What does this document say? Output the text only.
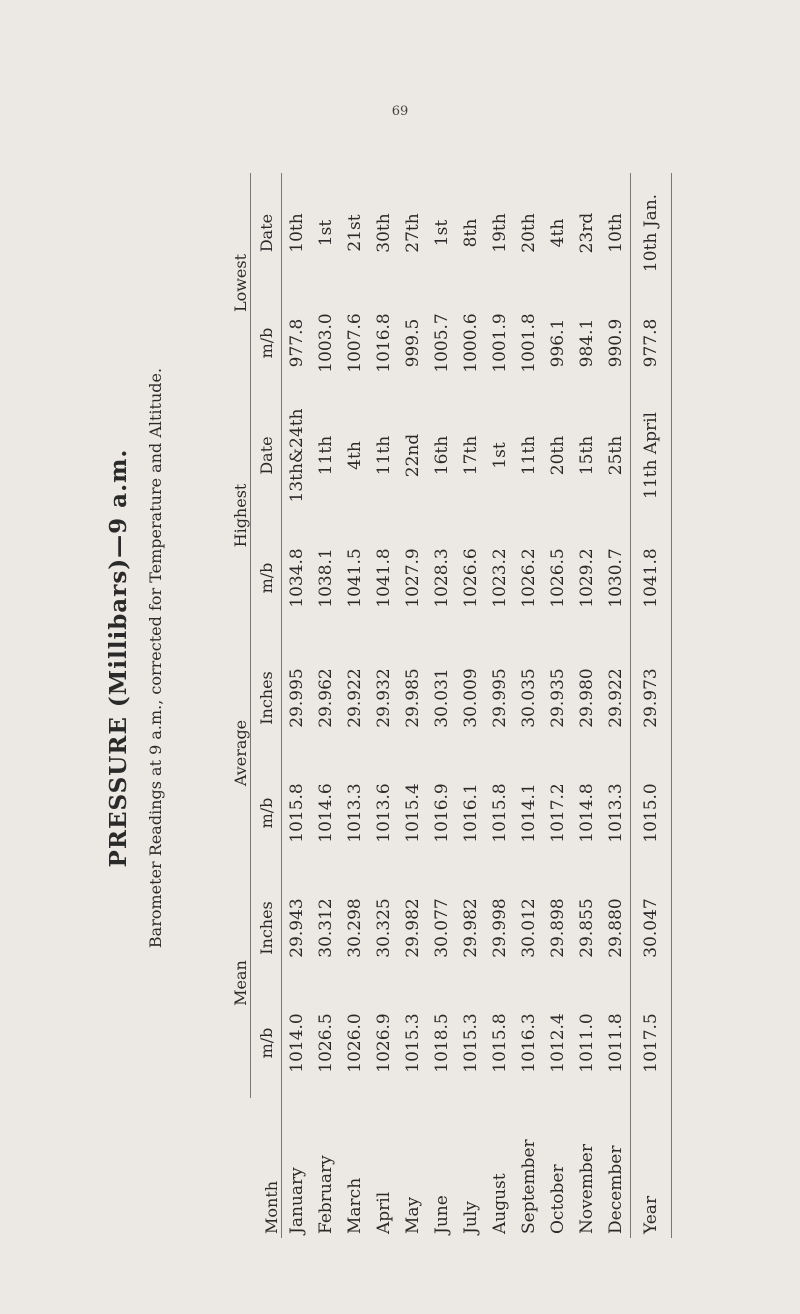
69
PRESSURE (Millibars)—9 a.m. Barometer Readings at 9 a.m., corrected for Temperature and Altitude.
Month	Mean		Average		Highest		Lowest	
	m/b	Inches	m/b	Inches	m/b	Date	m/b	Date
January	1014.0	29.943	1015.8	29.995	1034.8	13th&24th	977.8	10th
February	1026.5	30.312	1014.6	29.962	1038.1	11th	1003.0	1st
March	1026.0	30.298	1013.3	29.922	1041.5	4th	1007.6	21st
April	1026.9	30.325	1013.6	29.932	1041.8	11th	1016.8	30th
May	1015.3	29.982	1015.4	29.985	1027.9	22nd	999.5	27th
June	1018.5	30.077	1016.9	30.031	1028.3	16th	1005.7	1st
July	1015.3	29.982	1016.1	30.009	1026.6	17th	1000.6	8th
August	1015.8	29.998	1015.8	29.995	1023.2	1st	1001.9	19th
September	1016.3	30.012	1014.1	30.035	1026.2	11th	1001.8	20th
October	1012.4	29.898	1017.2	29.935	1026.5	20th	996.1	4th
November	1011.0	29.855	1014.8	29.980	1029.2	15th	984.1	23rd
December	1011.8	29.880	1013.3	29.922	1030.7	25th	990.9	10th
Year	1017.5	30.047	1015.0	29.973	1041.8	11th April	977.8	10th Jan.
